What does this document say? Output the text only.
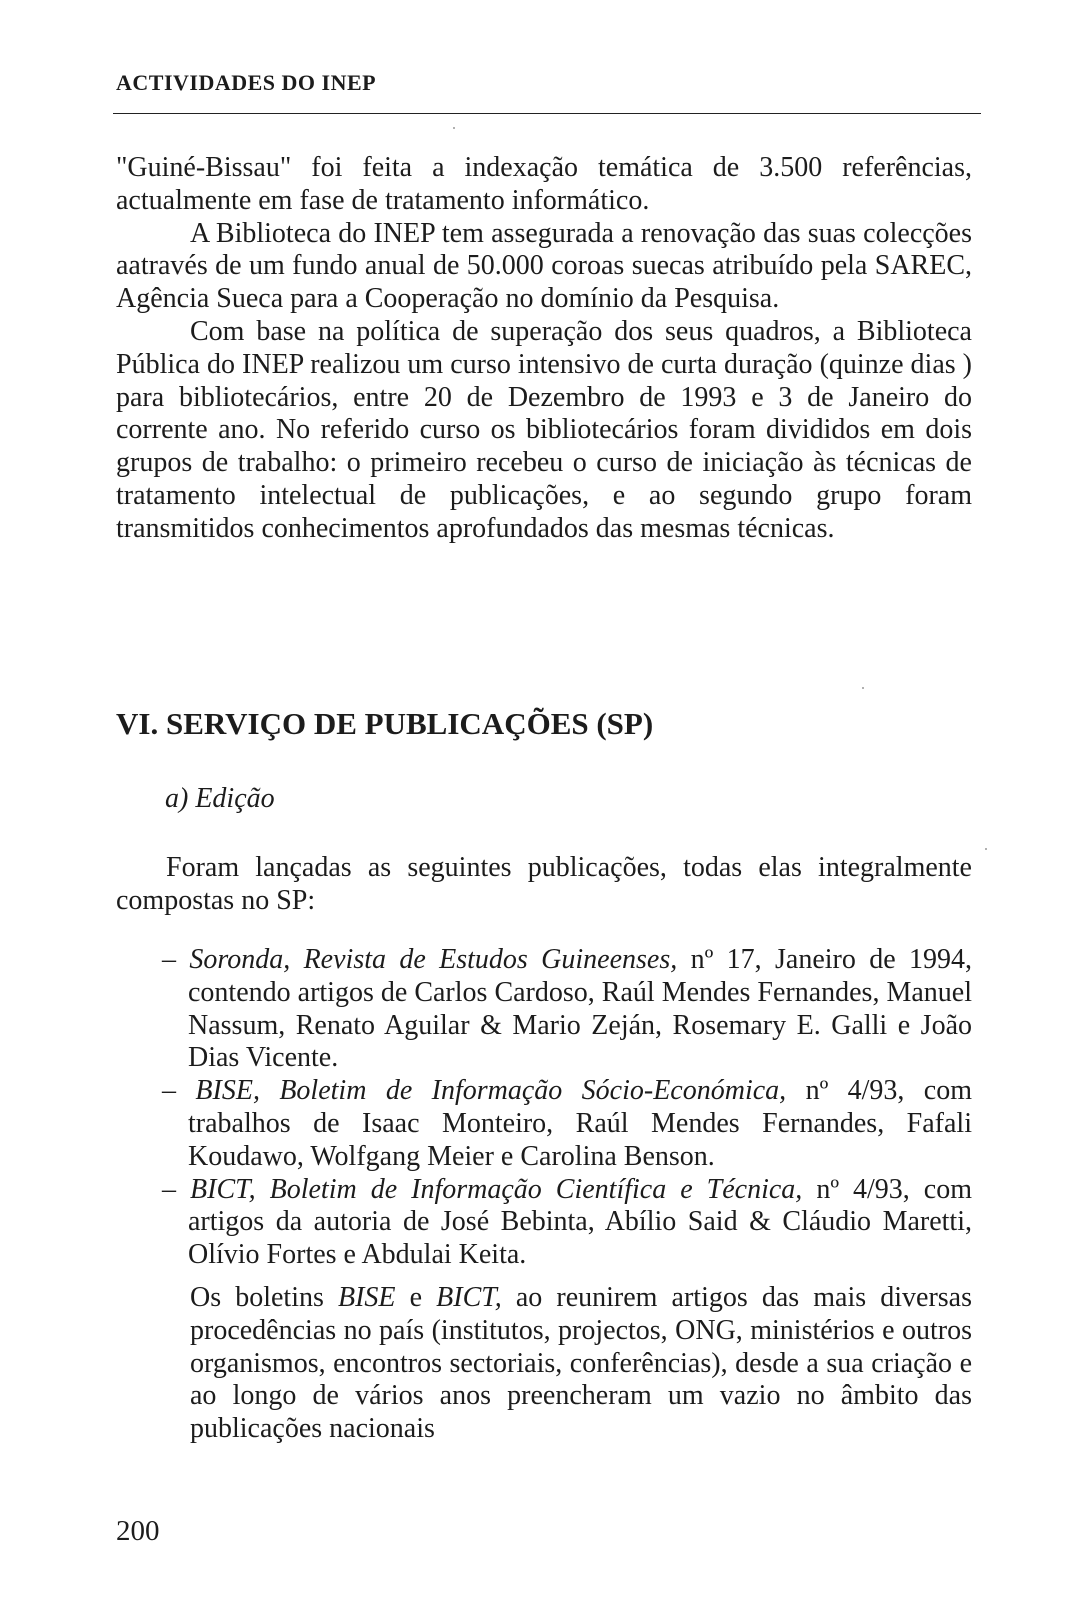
ACTIVIDADES DO INEP

"Guiné-Bissau" foi feita a indexação temática de 3.500 referências, actualmente em fase de tratamento informático.

A Biblioteca do INEP tem assegurada a renovação das suas colecções aatravés de um fundo anual de 50.000 coroas suecas atribuído pela SAREC, Agência Sueca para a Cooperação no domínio da Pesquisa.

Com base na política de superação dos seus quadros, a Biblioteca Pública do INEP realizou um curso intensivo de curta duração (quinze dias ) para bibliotecários, entre 20 de Dezembro de 1993 e 3 de Janeiro do corrente ano. No referido curso os bibliotecários foram divididos em dois grupos de trabalho: o primeiro recebeu o curso de iniciação às técnicas de tratamento intelectual de publicações, e ao segundo grupo foram transmitidos conhecimentos aprofundados das mesmas técnicas.

VI. SERVIÇO DE PUBLICAÇÕES (SP)
a) Edição

Foram lançadas as seguintes publicações, todas elas integralmente compostas no SP:

– Soronda, Revista de Estudos Guineenses, nº 17, Janeiro de 1994, contendo artigos de Carlos Cardoso, Raúl Mendes Fernandes, Manuel Nassum, Renato Aguilar & Mario Zeján, Rosemary E. Galli e João Dias Vicente.
– BISE, Boletim de Informação Sócio-Económica, nº 4/93, com trabalhos de Isaac Monteiro, Raúl Mendes Fernandes, Fafali Koudawo, Wolfgang Meier e Carolina Benson.
– BICT, Boletim de Informação Científica e Técnica, nº 4/93, com artigos da autoria de José Bebinta, Abílio Said & Cláudio Maretti, Olívio Fortes e Abdulai Keita.

Os boletins BISE e BICT, ao reunirem artigos das mais diversas procedências no país (institutos, projectos, ONG, ministérios e outros organismos, encontros sectoriais, conferências), desde a sua criação e ao longo de vários anos preencheram um vazio no âmbito das publicações nacionais

200
